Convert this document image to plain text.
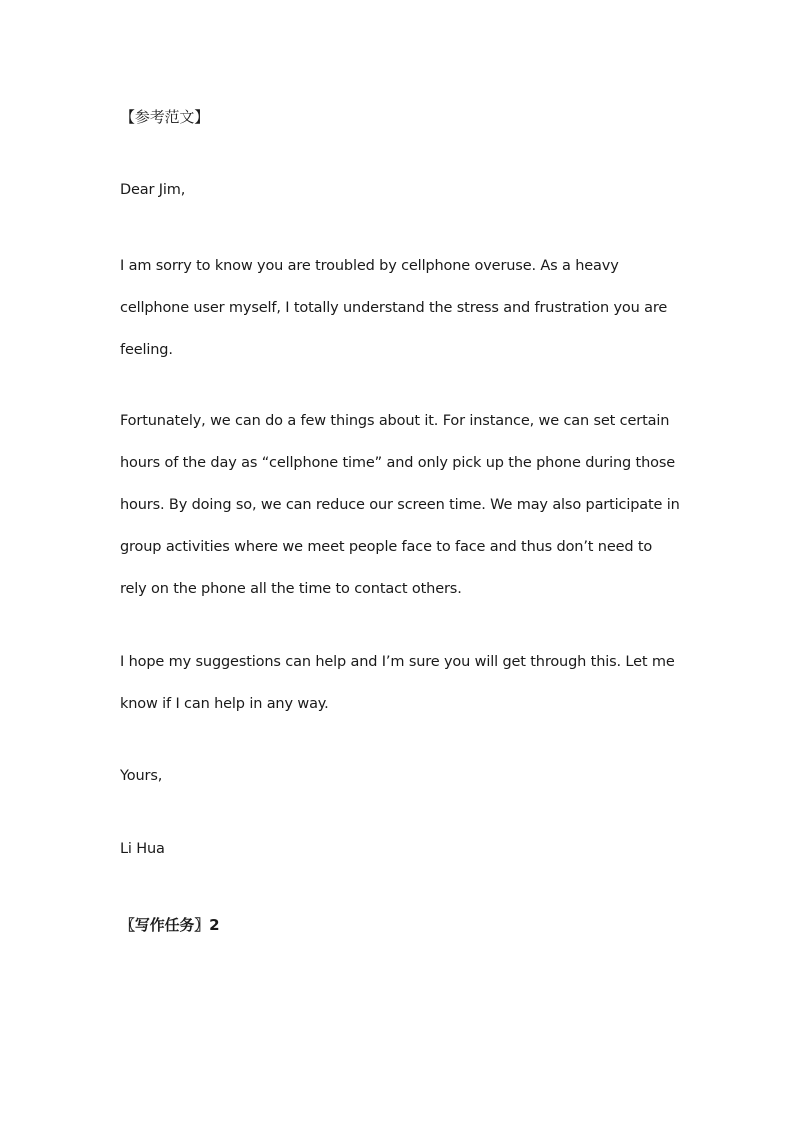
【参考范文】
Dear Jim,
I am sorry to know you are troubled by cellphone overuse. As a heavy
cellphone user myself, I totally understand the stress and frustration you are
feeling.
Fortunately, we can do a few things about it. For instance, we can set certain
hours of the day as “cellphone time” and only pick up the phone during those
hours. By doing so, we can reduce our screen time. We may also participate in
group activities where we meet people face to face and thus don’t need to
rely on the phone all the time to contact others.
I hope my suggestions can help and I’m sure you will get through this. Let me
know if I can help in any way.
Yours,
Li Hua
〖写作任务〗2
